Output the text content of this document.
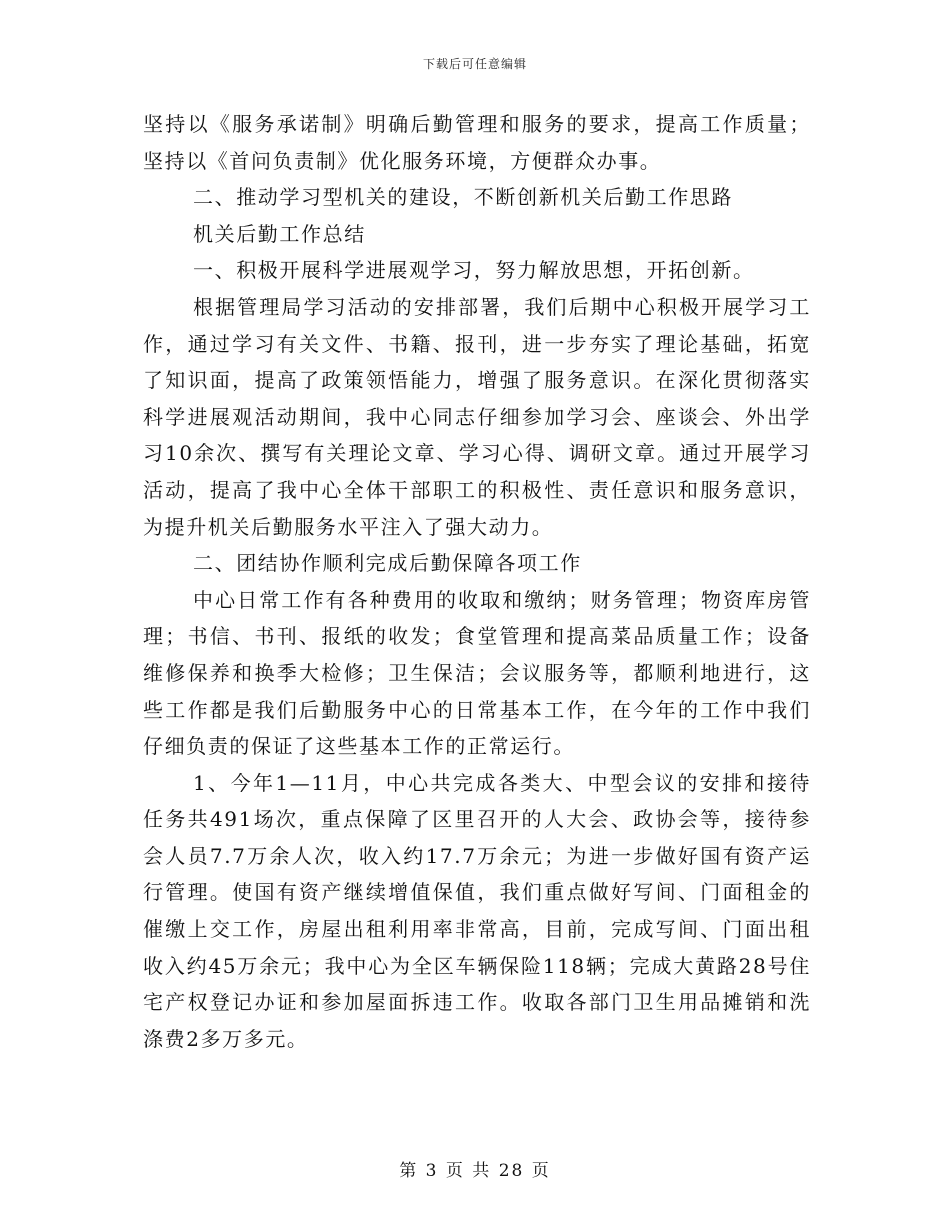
下载后可任意编辑

坚持以《服务承诺制》明确后勤管理和服务的要求，提高工作质量；坚持以《首问负责制》优化服务环境，方便群众办事。

二、推动学习型机关的建设，不断创新机关后勤工作思路

机关后勤工作总结

一、积极开展科学进展观学习，努力解放思想，开拓创新。

根据管理局学习活动的安排部署，我们后期中心积极开展学习工作，通过学习有关文件、书籍、报刊，进一步夯实了理论基础，拓宽了知识面，提高了政策领悟能力，增强了服务意识。在深化贯彻落实科学进展观活动期间，我中心同志仔细参加学习会、座谈会、外出学习10余次、撰写有关理论文章、学习心得、调研文章。通过开展学习活动，提高了我中心全体干部职工的积极性、责任意识和服务意识，为提升机关后勤服务水平注入了强大动力。

二、团结协作顺利完成后勤保障各项工作

中心日常工作有各种费用的收取和缴纳；财务管理；物资库房管理；书信、书刊、报纸的收发；食堂管理和提高菜品质量工作；设备维修保养和换季大检修；卫生保洁；会议服务等，都顺利地进行，这些工作都是我们后勤服务中心的日常基本工作，在今年的工作中我们仔细负责的保证了这些基本工作的正常运行。

1、今年1—11月，中心共完成各类大、中型会议的安排和接待任务共491场次，重点保障了区里召开的人大会、政协会等，接待参会人员7.7万余人次，收入约17.7万余元；为进一步做好国有资产运行管理。使国有资产继续增值保值，我们重点做好写间、门面租金的催缴上交工作，房屋出租利用率非常高，目前，完成写间、门面出租收入约45万余元；我中心为全区车辆保险118辆；完成大黄路28号住宅产权登记办证和参加屋面拆违工作。收取各部门卫生用品摊销和洗涤费2多万多元。

第 3 页 共 28 页
